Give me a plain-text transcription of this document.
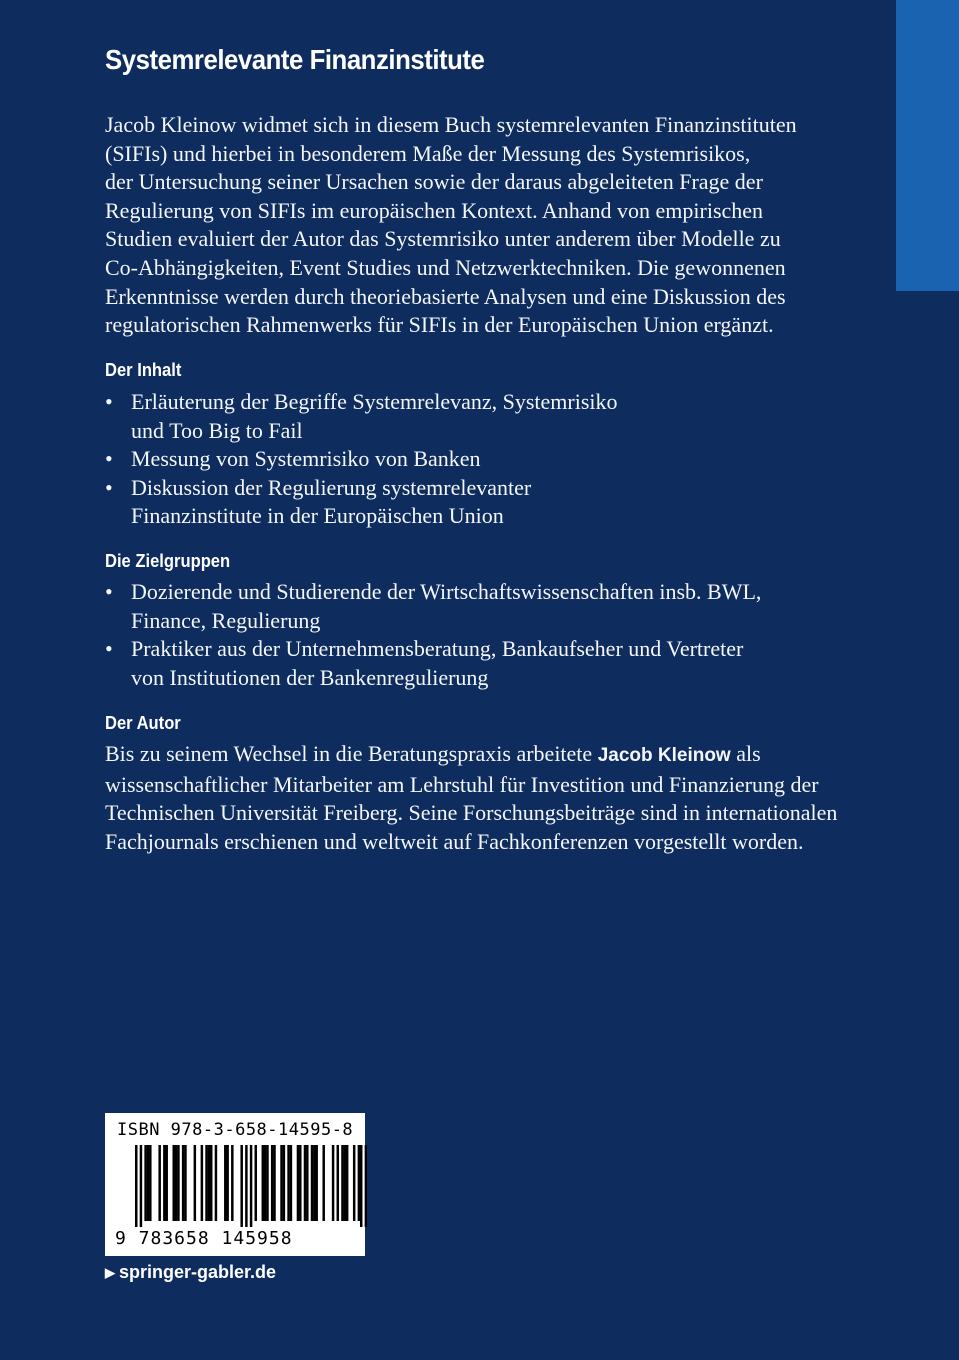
Systemrelevante Finanzinstitute
Jacob Kleinow widmet sich in diesem Buch systemrelevanten Finanzinstituten
(SIFIs) und hierbei in besonderem Maße der Messung des Systemrisikos,
der Untersuchung seiner Ursachen sowie der daraus abgeleiteten Frage der
Regulierung von SIFIs im europäischen Kontext. Anhand von empirischen
Studien evaluiert der Autor das Systemrisiko unter anderem über Modelle zu
Co-Abhängigkeiten, Event Studies und Netzwerktechniken. Die gewonnenen
Erkenntnisse werden durch theoriebasierte Analysen und eine Diskussion des
regulatorischen Rahmenwerks für SIFIs in der Europäischen Union ergänzt.
Der Inhalt
• Erläuterung der Begriffe Systemrelevanz, Systemrisiko
und Too Big to Fail
• Messung von Systemrisiko von Banken
• Diskussion der Regulierung systemrelevanter
Finanzinstitute in der Europäischen Union
Die Zielgruppen
• Dozierende und Studierende der Wirtschaftswissenschaften insb. BWL,
Finance, Regulierung
• Praktiker aus der Unternehmensberatung, Bankaufseher und Vertreter
von Institutionen der Bankenregulierung
Der Autor
Bis zu seinem Wechsel in die Beratungspraxis arbeitete Jacob Kleinow als
wissenschaftlicher Mitarbeiter am Lehrstuhl für Investition und Finanzierung der
Technischen Universität Freiberg. Seine Forschungsbeiträge sind in internationalen
Fachjournals erschienen und weltweit auf Fachkonferenzen vorgestellt worden.
ISBN 978-3-658-14595-8
9 783658 145958
▶ springer-gabler.de
